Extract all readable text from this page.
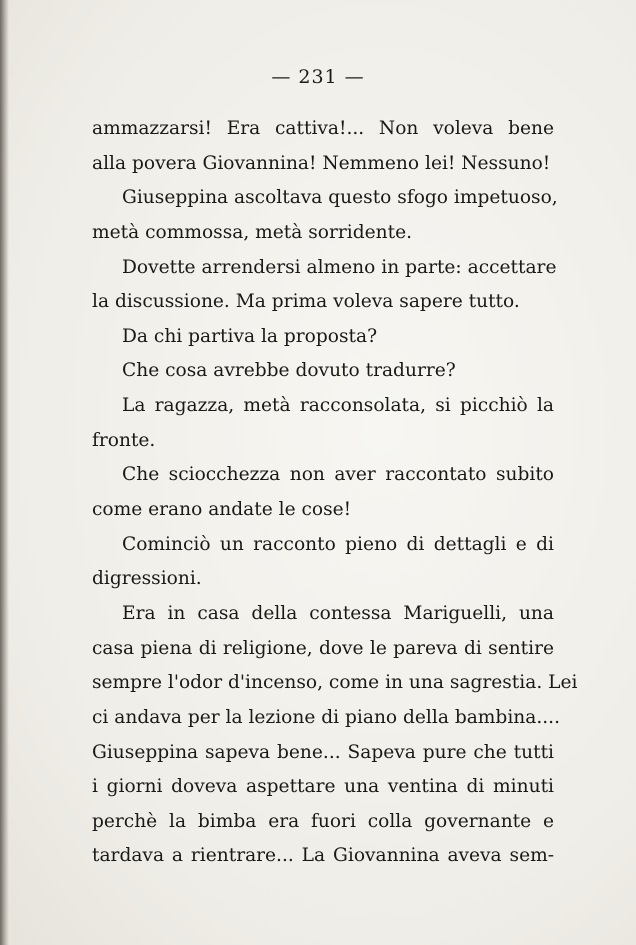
— 231 —
ammazzarsi! Era cattiva!... Non voleva bene
alla povera Giovannina! Nemmeno lei! Nessuno!
Giuseppina ascoltava questo sfogo impetuoso,
metà commossa, metà sorridente.
Dovette arrendersi almeno in parte: accettare
la discussione. Ma prima voleva sapere tutto.
Da chi partiva la proposta?
Che cosa avrebbe dovuto tradurre?
La ragazza, metà racconsolata, si picchiò la
fronte.
Che sciocchezza non aver raccontato subito
come erano andate le cose!
Cominciò un racconto pieno di dettagli e di
digressioni.
Era in casa della contessa Mariguelli, una
casa piena di religione, dove le pareva di sentire
sempre l'odor d'incenso, come in una sagrestia. Lei
ci andava per la lezione di piano della bambina....
Giuseppina sapeva bene... Sapeva pure che tutti
i giorni doveva aspettare una ventina di minuti
perchè la bimba era fuori colla governante e
tardava a rientrare... La Giovannina aveva sem-
